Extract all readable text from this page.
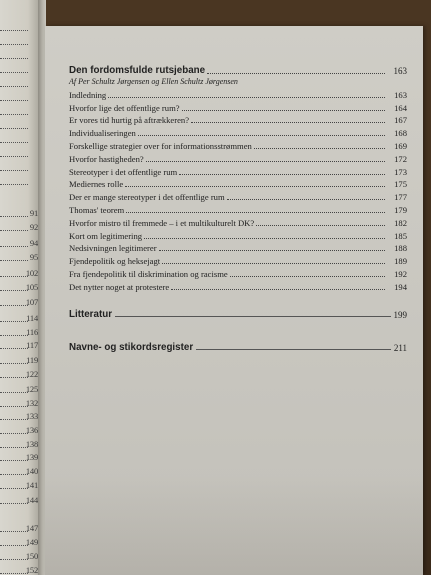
91
92
94
95
102
105
107
114
116
117
119
122
125
132
133
136
138
139
140
141
144
147
149
150
152
Den fordomsfulde rutsjebane	163
Af Per Schultz Jørgensen og Ellen Schultz Jørgensen
Indledning	163
Hvorfor lige det offentlige rum?	164
Er vores tid hurtig på aftrækkeren?	167
Individualiseringen	168
Forskellige strategier over for informationsstrømmen	169
Hvorfor hastigheden?	172
Stereotyper i det offentlige rum	173
Mediernes rolle	175
Der er mange stereotyper i det offentlige rum	177
Thomas' teorem	179
Hvorfor mistro til fremmede – i et multikulturelt DK?	182
Kort om legitimering	185
Nedsivningen legitimerer	188
Fjendepolitik og heksejagt	189
Fra fjendepolitik til diskrimination og racisme	192
Det nytter noget at protestere	194
Litteratur	199
Navne- og stikordsregister	211
